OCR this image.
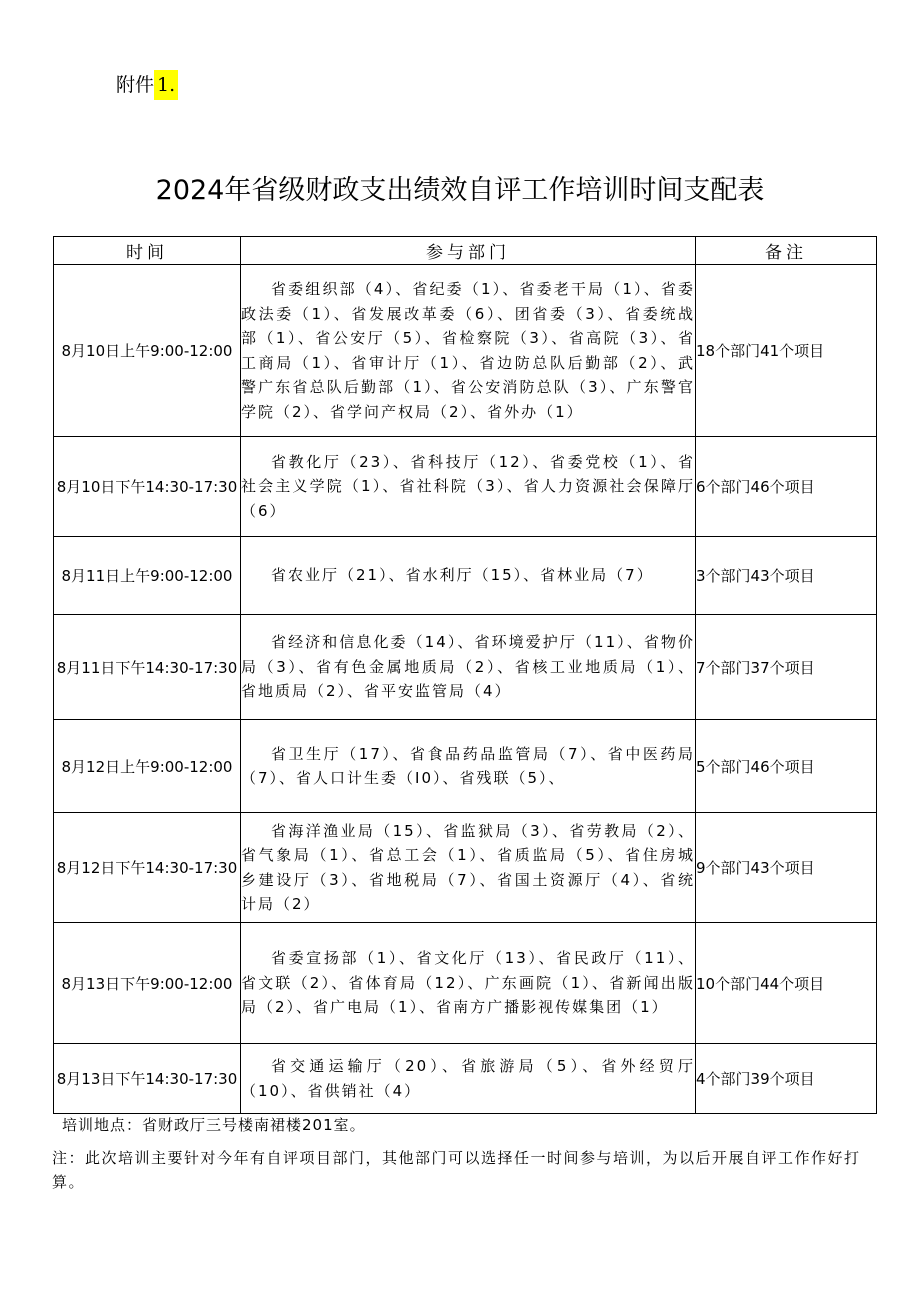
附件 1.
2024年省级财政支出绩效自评工作培训时间支配表
时间	参与部门	备注
8月10日上午9:00-12:00	省委组织部（4）、省纪委（1）、省委老干局（1）、省委政法委（1）、省发展改革委（6）、团省委（3）、省委统战部（1）、省公安厅（5）、省检察院（3）、省高院（3）、省工商局（1）、省审计厅（1）、省边防总队后勤部（2）、武警广东省总队后勤部（1）、省公安消防总队（3）、广东警官学院（2）、省学问产权局（2）、省外办（1）	18个部门41个项目
8月10日下午14:30-17:30	省教化厅（23）、省科技厅（12）、省委党校（1）、省社会主义学院（1）、省社科院（3）、省人力资源社会保障厅（6）	6个部门46个项目
8月11日上午9:00-12:00	省农业厅（21）、省水利厅（15）、省林业局（7）	3个部门43个项目
8月11日下午14:30-17:30	省经济和信息化委（14）、省环境爱护厅（11）、省物价局（3）、省有色金属地质局（2）、省核工业地质局（1）、省地质局（2）、省平安监管局（4）	7个部门37个项目
8月12日上午9:00-12:00	省卫生厅（17）、省食品药品监管局（7）、省中医药局（7）、省人口计生委（I0）、省残联（5）、	5个部门46个项目
8月12日下午14:30-17:30	省海洋渔业局（15）、省监狱局（3）、省劳教局（2）、省气象局（1）、省总工会（1）、省质监局（5）、省住房城乡建设厅（3）、省地税局（7）、省国土资源厅（4）、省统计局（2）	9个部门43个项目
8月13日下午9:00-12:00	省委宣扬部（1）、省文化厅（13）、省民政厅（11）、省文联（2）、省体育局（12）、广东画院（1）、省新闻出版局（2）、省广电局（1）、省南方广播影视传媒集团（1）	10个部门44个项目
8月13日下午14:30-17:30	省交通运输厅（20）、省旅游局（5）、省外经贸厅（10）、省供销社（4）	4个部门39个项目
培训地点：省财政厅三号楼南裙楼201室。
注：此次培训主要针对今年有自评项目部门，其他部门可以选择任一时间参与培训，为以后开展自评工作作好打算。
